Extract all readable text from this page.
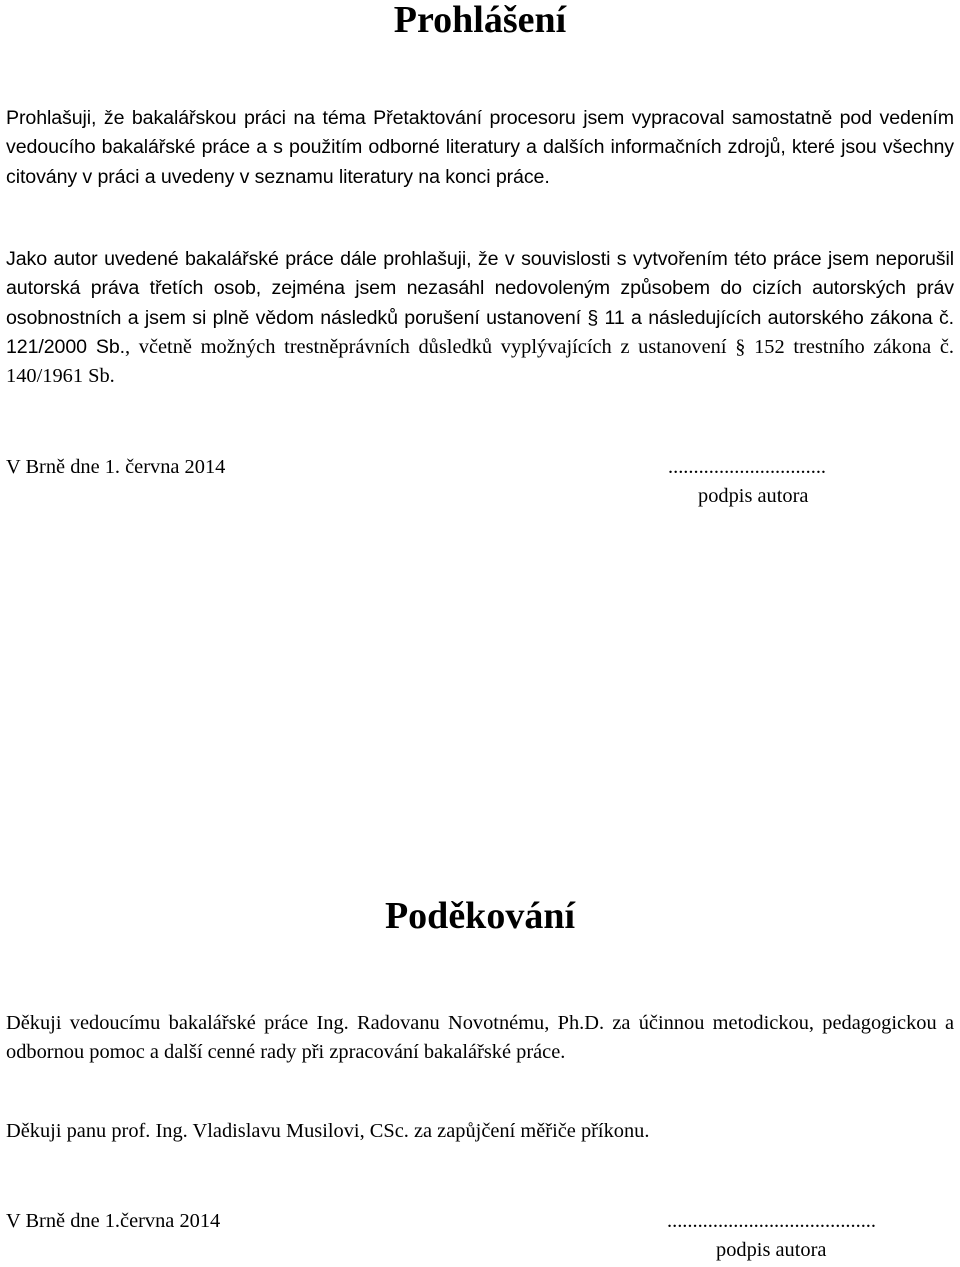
Prohlášení

Prohlašuji, že bakalářskou práci na téma Přetaktování procesoru jsem vypracoval samostatně pod vedením vedoucího bakalářské práce a s použitím odborné literatury a dalších informačních zdrojů, které jsou všechny citovány v práci a uvedeny v seznamu literatury na konci práce.

Jako autor uvedené bakalářské práce dále prohlašuji, že v souvislosti s vytvořením této práce jsem neporušil autorská práva třetích osob, zejména jsem nezasáhl nedovoleným způsobem do cizích autorských práv osobnostních a jsem si plně vědom následků porušení ustanovení § 11 a následujících autorského zákona č. 121/2000 Sb., včetně možných trestněprávních důsledků vyplývajících z ustanovení § 152 trestního zákona č. 140/1961 Sb.

V Brně dne 1. června 2014	...............................
podpis autora
Poděkování

Děkuji vedoucímu bakalářské práce Ing. Radovanu Novotnému, Ph.D. za účinnou metodickou, pedagogickou a odbornou pomoc a další cenné rady při zpracování bakalářské práce.

Děkuji panu prof. Ing. Vladislavu Musilovi, CSc. za zapůjčení měřiče příkonu.

V Brně dne 1.června 2014	.........................................
podpis autora
